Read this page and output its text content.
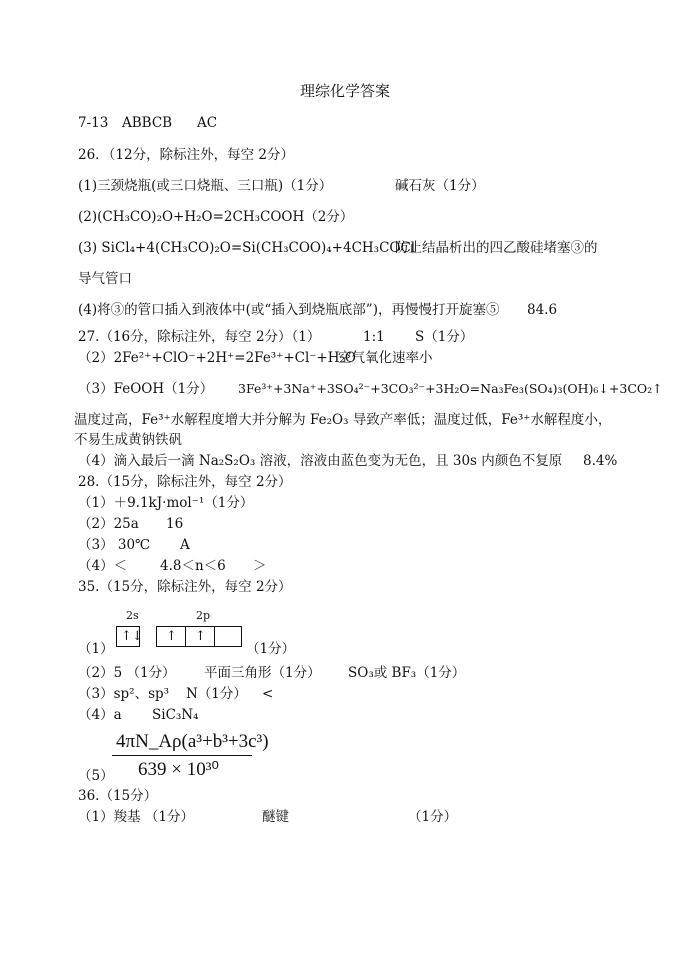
理综化学答案
7-13 ABBCB AC
26．（12分，除标注外，每空 2分）
(1)三颈烧瓶(或三口烧瓶、三口瓶)（1分）	碱石灰（1分）
(2)(CH₃CO)₂O+H₂O=2CH₃COOH（2分）
(3) SiCl₄+4(CH₃CO)₂O=Si(CH₃COO)₄+4CH₃COCl
防止结晶析出的四乙酸硅堵塞③的
导气管口
(4)将③的管口插入到液体中(或“插入到烧瓶底部”)，再慢慢打开旋塞⑤ 84.6
27.（16分，除标注外，每空 2分）（1）	1:1 S（1分）
（2）2Fe²⁺+ClO⁻+2H⁺=2Fe³⁺+Cl⁻+H₂O
空气氧化速率小
（3）FeOOH（1分） 3Fe³⁺+3Na⁺+3SO₄²⁻+3CO₃²⁻+3H₂O=Na₃Fe₃(SO₄)₃(OH)₆↓+3CO₂↑
温度过高，Fe³⁺水解程度增大并分解为 Fe₂O₃ 导致产率低；温度过低，Fe³⁺水解程度小，
不易生成黄钠铁矾
（4）滴入最后一滴 Na₂S₂O₃ 溶液，溶液由蓝色变为无色，且 30s 内颜色不复原 8.4%
28.（15分，除标注外，每空 2分）
（1）＋9.1kJ·mol⁻¹（1分）
（2）25a 16
（3） 30℃ A
（4）＜ 4.8＜n＜6 ＞
35.（15分，除标注外，每空 2分）
2s	2p
↑↓ ↑ ↑
（1）	（1分）
（2）5 （1分） 平面三角形（1分） SO₃或 BF₃（1分）
（3）sp²、sp³ N（1分） <
（4）a SiC₃N₄
4πN_Aρ(a³+b³+3c³)
639 × 10³⁰
（5）
36.（15分）
（1）羧基 （1分）	醚键	（1分）
